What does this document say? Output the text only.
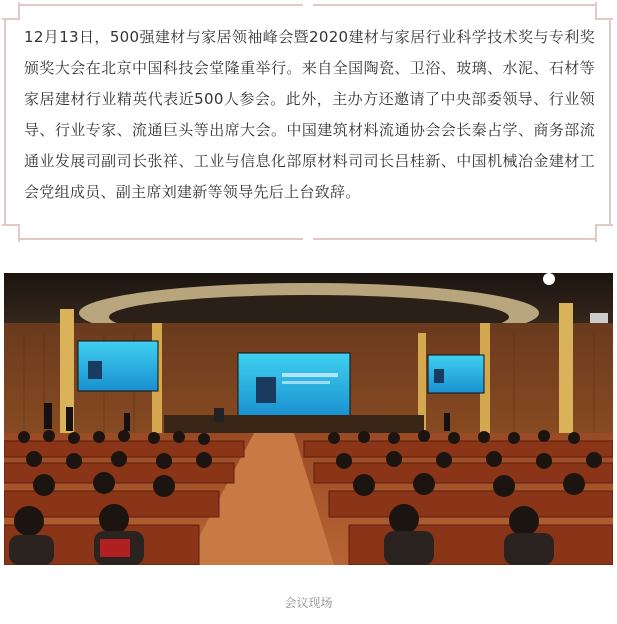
12月13日，500强建材与家居领袖峰会暨2020建材与家居行业科学技术奖与专利奖颁奖大会在北京中国科技会堂隆重举行。来自全国陶瓷、卫浴、玻璃、水泥、石材等家居建材行业精英代表近500人参会。此外，主办方还邀请了中央部委领导、行业领导、行业专家、流通巨头等出席大会。中国建筑材料流通协会会长秦占学、商务部流通业发展司副司长张祥、工业与信息化部原材料司司长吕桂新、中国机械冶金建材工会党组成员、副主席刘建新等领导先后上台致辞。

会议现场
